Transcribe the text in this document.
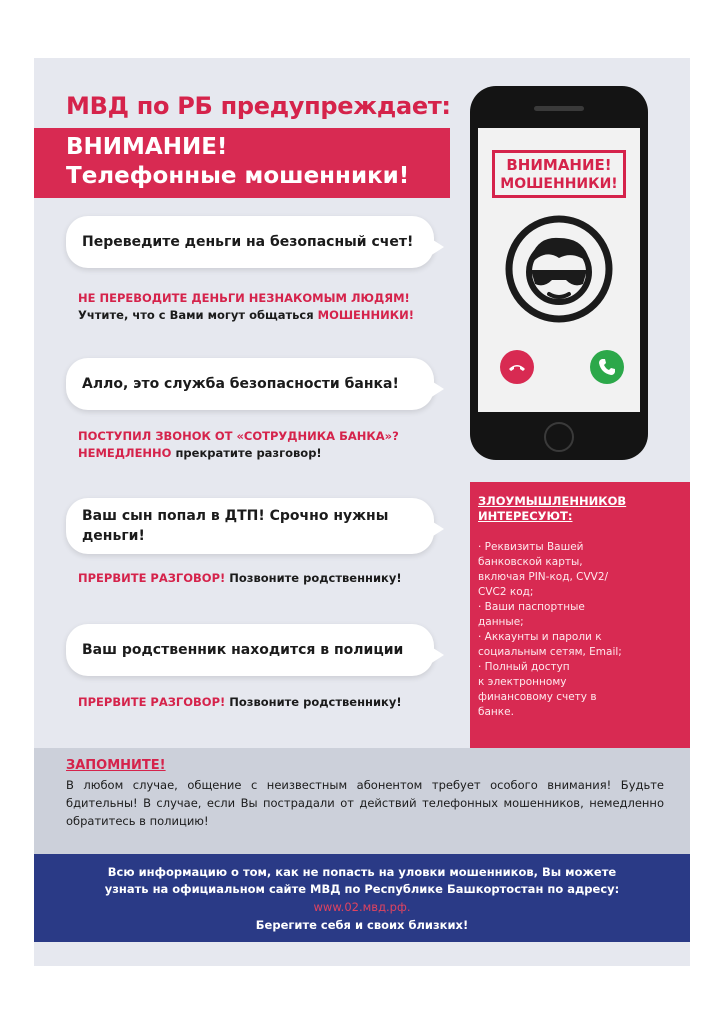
МВД по РБ предупреждает:
ВНИМАНИЕ!
Телефонные мошенники!
Переведите деньги на безопасный счет!
НЕ ПЕРЕВОДИТЕ ДЕНЬГИ НЕЗНАКОМЫМ ЛЮДЯМ!
Учтите, что с Вами могут общаться МОШЕННИКИ!
Алло, это служба безопасности банка!
ПОСТУПИЛ ЗВОНОК ОТ «СОТРУДНИКА БАНКА»?
НЕМЕДЛЕННО прекратите разговор!
Ваш сын попал в ДТП! Срочно нужны деньги!
ПРЕРВИТЕ РАЗГОВОР! Позвоните родственнику!
Ваш родственник находится в полиции
ПРЕРВИТЕ РАЗГОВОР! Позвоните родственнику!
ВНИМАНИЕ!
МОШЕННИКИ!
ЗЛОУМЫШЛЕННИКОВ
ИНТЕРЕСУЮТ:
· Реквизиты Вашей
банковской карты,
включая PIN-код, CVV2/
CVC2 код;
· Ваши паспортные
данные;
· Аккаунты и пароли к
социальным сетям, Email;
· Полный доступ
к электронному
финансовому счету в
банке.
ЗАПОМНИТЕ!
В любом случае, общение с неизвестным абонентом требует особого внимания! Будьте бдительны! В случае, если Вы пострадали от действий телефонных мошенников, немедленно обратитесь в полицию!
Всю информацию о том, как не попасть на уловки мошенников, Вы можете
узнать на официальном сайте МВД по Республике Башкортостан по адресу:
www.02.мвд.рф.
Берегите себя и своих близких!
